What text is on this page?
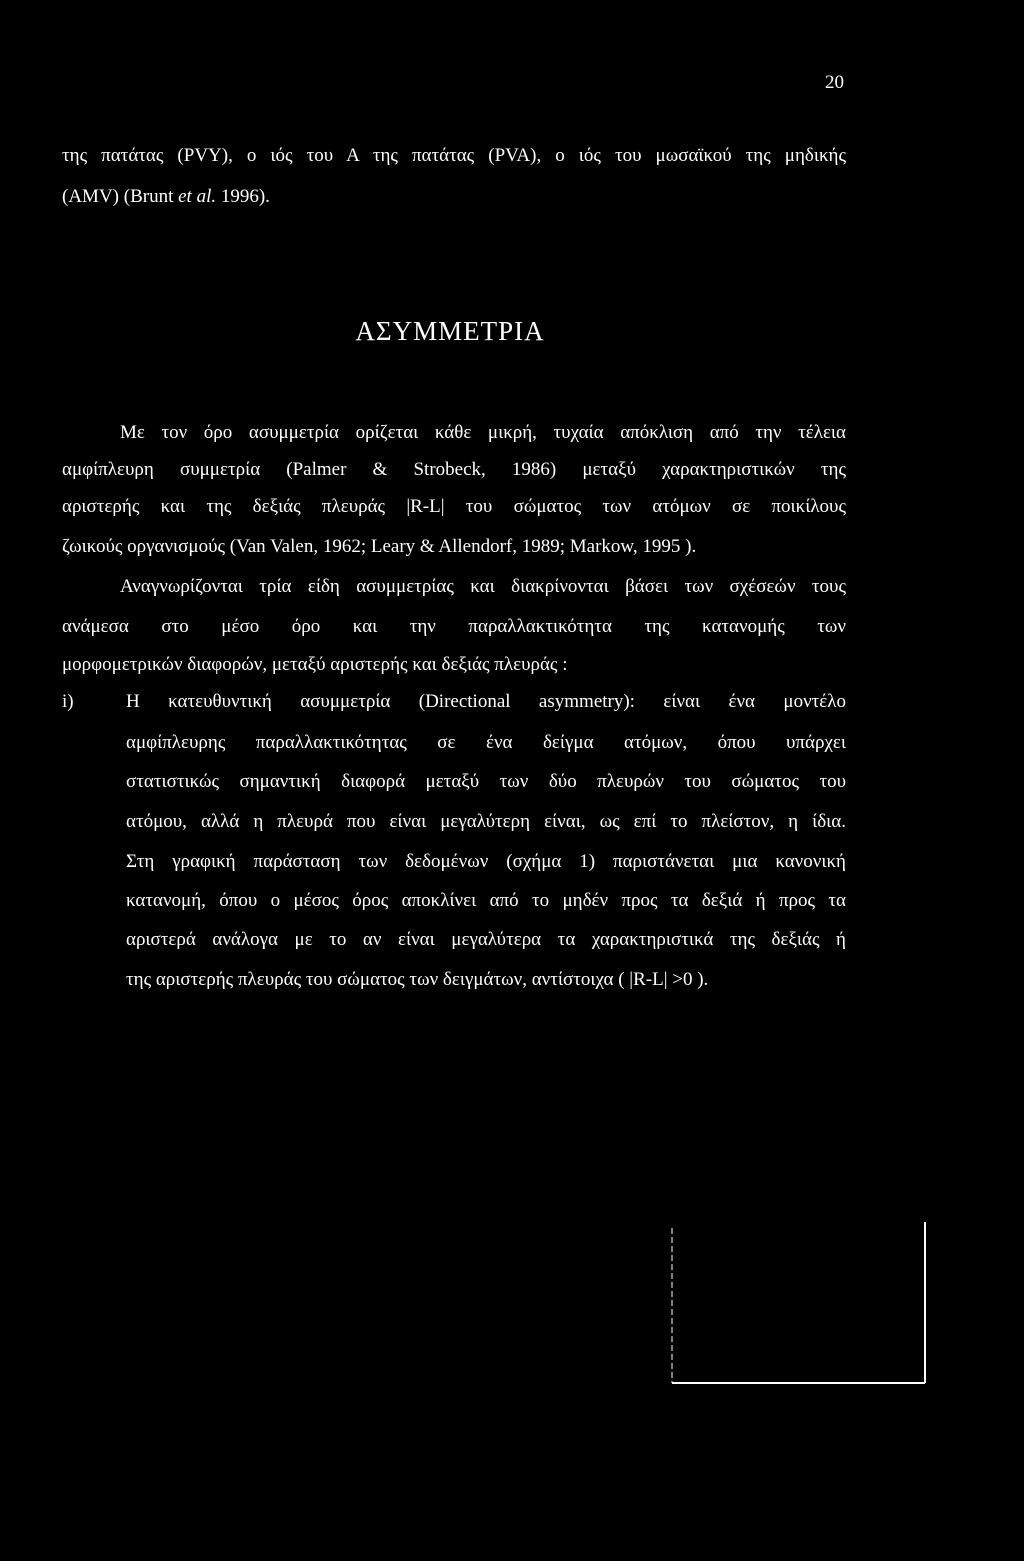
20
της πατάτας (PVY), ο ιός του Α της πατάτας (PVA), ο ιός του μωσαϊκού της μηδικής
(AMV) (Brunt et al. 1996).
ΑΣΥΜΜΕΤΡΙΑ
Με τον όρο ασυμμετρία ορίζεται κάθε μικρή, τυχαία απόκλιση από την τέλεια
αμφίπλευρη συμμετρία (Palmer & Strobeck, 1986) μεταξύ χαρακτηριστικών της
αριστερής και της δεξιάς πλευράς |R-L| του σώματος των ατόμων σε ποικίλους
ζωικούς οργανισμούς (Van Valen, 1962; Leary & Allendorf, 1989; Markow, 1995 ).
Αναγνωρίζονται τρία είδη ασυμμετρίας και διακρίνονται βάσει των σχέσεών τους
ανάμεσα στο μέσο όρο και την παραλλακτικότητα της κατανομής των
μορφομετρικών διαφορών, μεταξύ αριστερής και δεξιάς πλευράς :
i)	Η κατευθυντική ασυμμετρία (Directional asymmetry): είναι ένα μοντέλο
αμφίπλευρης παραλλακτικότητας σε ένα δείγμα ατόμων, όπου υπάρχει
στατιστικώς σημαντική διαφορά μεταξύ των δύο πλευρών του σώματος του
ατόμου, αλλά η πλευρά που είναι μεγαλύτερη είναι, ως επί το πλείστον, η ίδια.
Στη γραφική παράσταση των δεδομένων (σχήμα 1) παριστάνεται μια κανονική
κατανομή, όπου ο μέσος όρος αποκλίνει από το μηδέν προς τα δεξιά ή προς τα
αριστερά ανάλογα με το αν είναι μεγαλύτερα τα χαρακτηριστικά της δεξιάς ή
της αριστερής πλευράς του σώματος των δειγμάτων, αντίστοιχα ( |R-L| >0 ).
